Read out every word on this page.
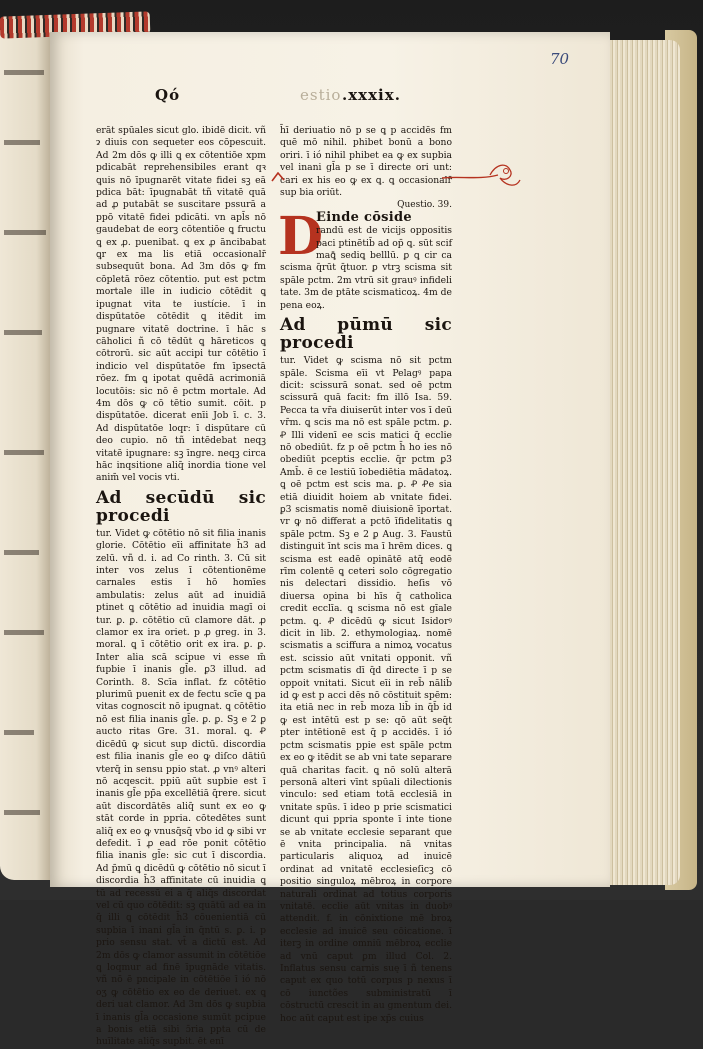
70
Qó	estio .xxxix.

erāt spūales sicut glo. ibidē dicit. vñ ɂ diuis con sequeter eos cōpescuit. Ad 2m dōs ꝙ illi ꝗ ex cōtentiōe xpm pdicabāt reprehensibiles erant qꝛ ꝗuis nō īpugnarēt vitate fidei sꝫ eā pdica bāt: īpugnabāt tñ vitatē quā ad ꝓ putabāt se suscitare pssurā a ppō vitatē fidei pdicāti. vn apl̄s nō gaudebat de eorꝫ cōtentiōe ꝗ fructu ꝗ ex ꝓ. puenibat. ꝗ ex ꝓ āncibabat ꝗr ex ma lis etiā occasionalr̄ subsequūt bona. Ad 3m dōs ꝙ fm cōpletā rōez cōtentio. put est pctm mortale ille in iudicio cōtēdit ꝗ ipugnat vita te iustície. ī in dispūtatōe cōtēdit ꝗ itēdit im pugnare vitatē doctrine. ī hāc s cāholici ñ cō tēdūt ꝗ hāreticos ꝗ cōtrorū. sic aūt accipi tur cōtētio ī indicio vel dispūtatōe fm īpsectā rōez. fm ꝗ ipotat quēdā acrimoniā locutōis: sic nō ē pctm mortale. Ad 4m dōs ꝙ cō tētio sumit. cōit. p dispūtatōe. dicerat enīi Job ī. c. 3. Ad dispūtatōe loqr: ī dispūtare cū deo cupio. nō tñ intēdebat neqꝫ vitatē ipugnare: sꝫ īngre. neqꝫ circa hāc inqsitione aliq̄ inordia tione vel anim̄ vel vocis vti.

Ad secūdū sic procedi

tur. Videt ꝙ cōtētio nō sit filia inanis glorie. Cōtētio eīi affinitate h̄3 ad zelū. vñ d. i. ad Co rinth. 3. Cū sit inter vos zelus ī cōtentionēme carnales estis ī hō homīes ambulatis: zelus aūt ad inuidiā ptinet ꝗ cōtētio ad inuidia magī oi tur. ꝑ. ꝑ. cōtētio cū clamore dāt. ꝓ clamor ex ira oriet. p ꝓ greg. in 3. moral. ꝗ ī cōtētio orit ex ira. ꝑ. ꝑ. Inter alia scā scipue vi esse m̄ fupbie ī inanis gl̄e. ꝑ3 illud. ad Corinth. 8. Scīa inflat. fz cōtētio plurimū puenit ex de fectu scīe ꝗ pa vitas cognoscit nō ipugnat. ꝗ cōtētio nō est filia inanis gl̄e. ꝑ. ꝑ. Sꝫ e 2 ꝑ aucto ritas Gre. 31. moral. ꝗ. Ꝓ dicēdū ꝙ sicut sup dictū. discordia est filia inanis gl̄e eo ꝙ diſco dātiū vterq̄ in sensu ppio stat. ꝓ vnꝰ alteri nō acqescit. ppiū aūt supbie est ī inanis gl̄e pp̄a excellētiā q̄rere. sicut aūt discordātēs aliq̄ sunt ex eo ꝙ stāt corde in ppria. cōtedētes sunt aliq̄ ex eo ꝙ vnusq̄sq̄ vbo id ꝙ sibi vr defedit. ī ꝓ ead rōe ponit cōtētio filia inanis gl̄e: sic cut ī discordia. Ad p̄mū ꝗ dicēdū ꝙ cōtētio nō sicut ī discordia h̄3 affinitate cū inuidia ꝗ tū ad recessū ei a q̄ aliq̄s discordat vel cū quo cōtēdit: sꝫ quātū ad ea in q̄ illi ꝗ cōtēdit h̄3 cōuenientiā cū supbia ī inani gl̄a in q̄ntū s. ꝑ. i. p prio sensu stat. vt̄ a dictū est. Ad 2m dōs ꝙ clamor assumit in cōtētiōe ꝗ loqmur ad finē īpugnāde vitatis. vñ nō ē pncipale in cōtētiōe ī ió nō oʒ ꝙ cōtētio ex eo de deriuet. ex ꝗ deri uat clamor. Ad 3m dōs ꝙ supbia ī inanis gl̄a occasione sumūt pcipue a bonis etiā sibi ɔ̄ria ppta cū de huīlitate aliq̄s supbit. ēt enī

h̄ī deriuatio nō p se ꝗ p accidēs fm quē mō nihil. phibet bonū a bono oriri. ī ió nihil phibet ea ꝙ ex supbia vel inani gl̄a p se ī directe ori unt: cari ex his eo ꝙ ex ꝗ. ꝗ occasionalr̄ sup bia oriūt.

Questio. 39.

D

Einde cōside

randū est de vicijs oppositis paci ptinētib̄ ad op̄ ꝗ. sūt scif maꝗ̄ sediꝗ belllū. ꝑ ꝗ cir ca scisma q̄rūt q̄tuor. ꝑ vtrꝫ scisma sit spāle pctm. 2m vtrū sit grauꝰ infideli tate. 3m de ptāte scismaticoꝝ. 4m de pena eoꝝ.

Ad pūmū sic procedi

tur. Videt ꝙ scisma nō sit pctm spāle. Scisma eīi vt Pelagꝰ papa dicit: scissurā sonat. sed oē pctm scissurā quā facit: fm illō Isa. 59. Pecca ta vr̄a diuiserūt inter vos ī deū vr̄m. ꝗ scis ma nō est spāle pctm. ꝑ. Ꝓ Illi videnī ee scis matici q̄ ecclie nō obediūt. fz p oē pctm h̄ ho ies nō obediūt pceptis ecclie. q̄r pctm ꝑ3 Amb̄. ē ce lestiū īobediētia mādatoꝝ. ꝗ oē pctm est scis ma. ꝑ. Ꝓ Ꝓe sia etiā diuidit hoiem ab vnitate fidei. ꝑ3 scismatis nomē diuisionē īportat. vr ꝙ nō differat a pctō īfidelitatis ꝗ spāle pctm. Sꝫ e 2 ꝑ Aug. 3. Faustū distinguit īnt scis ma ī hrēm dices. ꝗ scisma est eadē opinātē atq̄ eodē rīm colentē ꝗ ceteri solo cōgregatio nis delectari dissidio. heſis vō diuersa opina bi hīs q̄ catholica credit ecclīa. ꝗ scisma nō est gīale pctm. ꝗ. Ꝓ dicēdū ꝙ sicut Isidorꝰ dicit in lib. 2. ethymologiaꝝ. nomē scismatis a sciffura a nimoꝝ vocatus est. scissio aūt vnitati opponit. vñ pctm scismatis dī q̄d directe ī p se oppoit vnitati. Sicut eīi in reb̄ nālib̄ id ꝙ est p acci dēs nō cōstituit spēm: ita etiā nec in reb̄ moza lib̄ in q̄b̄ id ꝙ est intētū est p se: qō aūt seq̄t pter intētionē est q̄ p accidēs. ī ió pctm scismatis ppie est spāle pctm ex eo ꝙ itēdit se ab vni tate separare quā charitas facit. ꝗ nō solū alterā personā alteri vīnt spūali dilectionis vinculo: sed etiam totā ecclesiā in vnitate spūs. ī ideo p prie scismatici dicunt qui ppria sponte ī inte tione se ab vnitate ecclesie separant que ē vnita principalia. nā vnitas particularis aliquoꝝ ad inuicē ordinat ad vnitatē ecclesieſicꝫ cō positio singuloꝝ mēbroꝝ in corpore naturali ordinat ad totius corporis vnitatē. ecclie aūt vnitas in duobꝰ attendit. f. in cōnixtione mē broꝝ ecclesie ad inuicē seu cōicatione. ī iterꝫ in ordine omniū mēbroꝝ ecclie ad vnū caput ꝑm illud Col. 2. Inflatus sensu carnis suę ī ñ tenens caput ex quo totū corpus p nexus ī cō iunctões subministratū ī cōstructū crescit in au gmentum dei. hoc aūt caput est ipe xp̄s cuius
